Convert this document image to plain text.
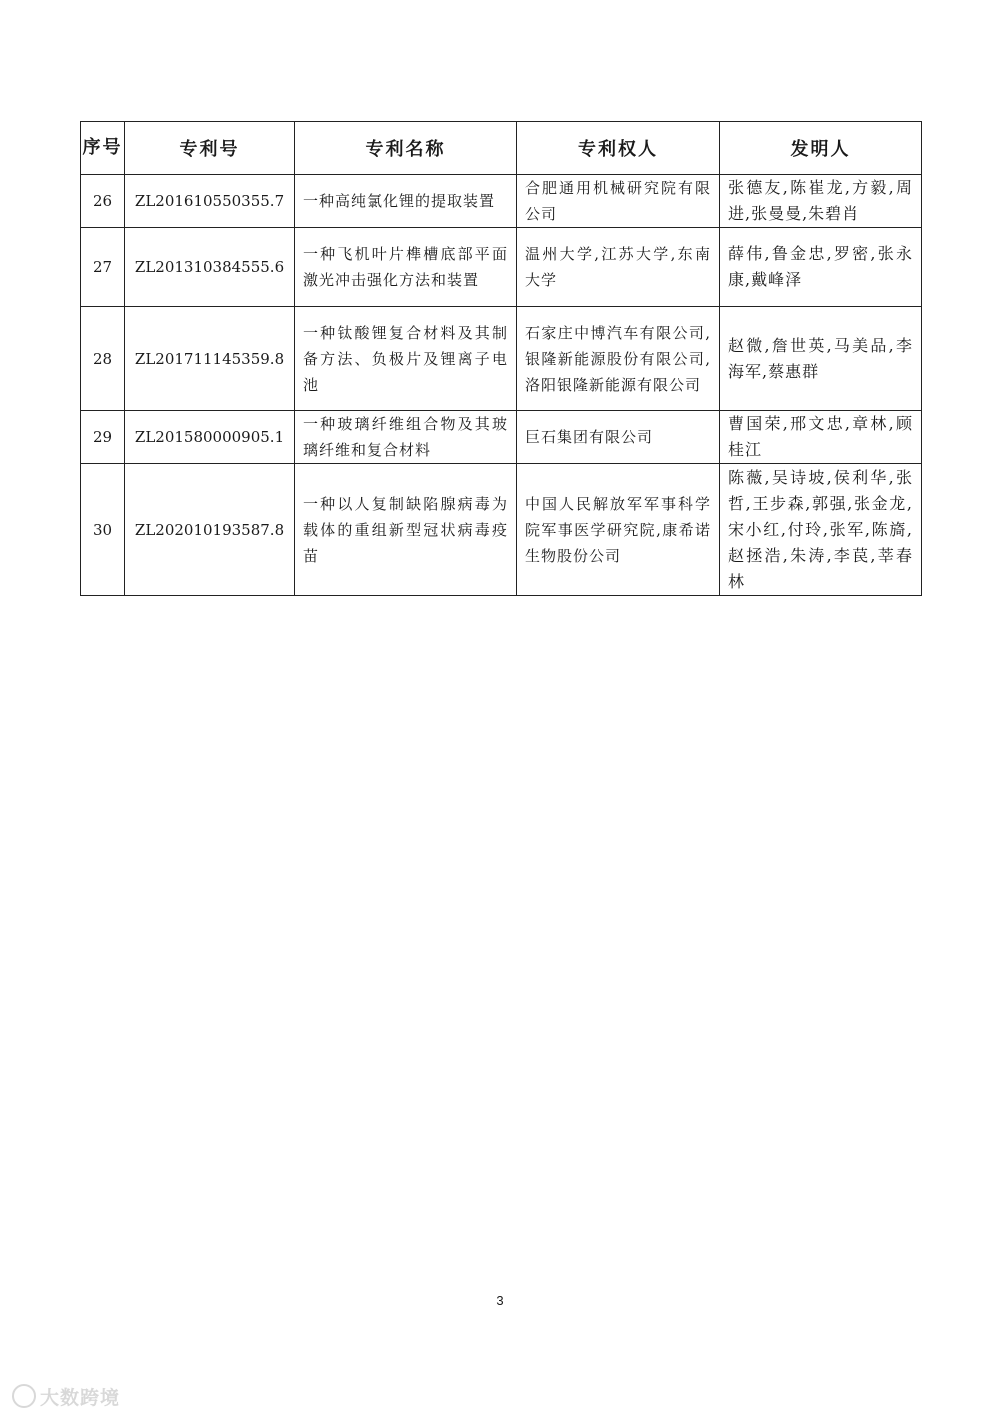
序号	专利号	专利名称	专利权人	发明人
26	ZL201610550355.7	一种高纯氯化锂的提取装置	合肥通用机械研究院有限公司	张德友,陈崔龙,方毅,周进,张曼曼,朱碧肖
27	ZL201310384555.6	一种飞机叶片榫槽底部平面激光冲击强化方法和装置	温州大学,江苏大学,东南大学	薛伟,鲁金忠,罗密,张永康,戴峰泽
28	ZL201711145359.8	一种钛酸锂复合材料及其制备方法、负极片及锂离子电池	石家庄中博汽车有限公司,银隆新能源股份有限公司,洛阳银隆新能源有限公司	赵微,詹世英,马美品,李海军,蔡惠群
29	ZL201580000905.1	一种玻璃纤维组合物及其玻璃纤维和复合材料	巨石集团有限公司	曹国荣,邢文忠,章林,顾桂江
30	ZL202010193587.8	一种以人复制缺陷腺病毒为载体的重组新型冠状病毒疫苗	中国人民解放军军事科学院军事医学研究院,康希诺生物股份公司	陈薇,吴诗坡,侯利华,张哲,王步森,郭强,张金龙,宋小红,付玲,张军,陈旖,赵拯浩,朱涛,李苠,莘春林
3
大数跨境
